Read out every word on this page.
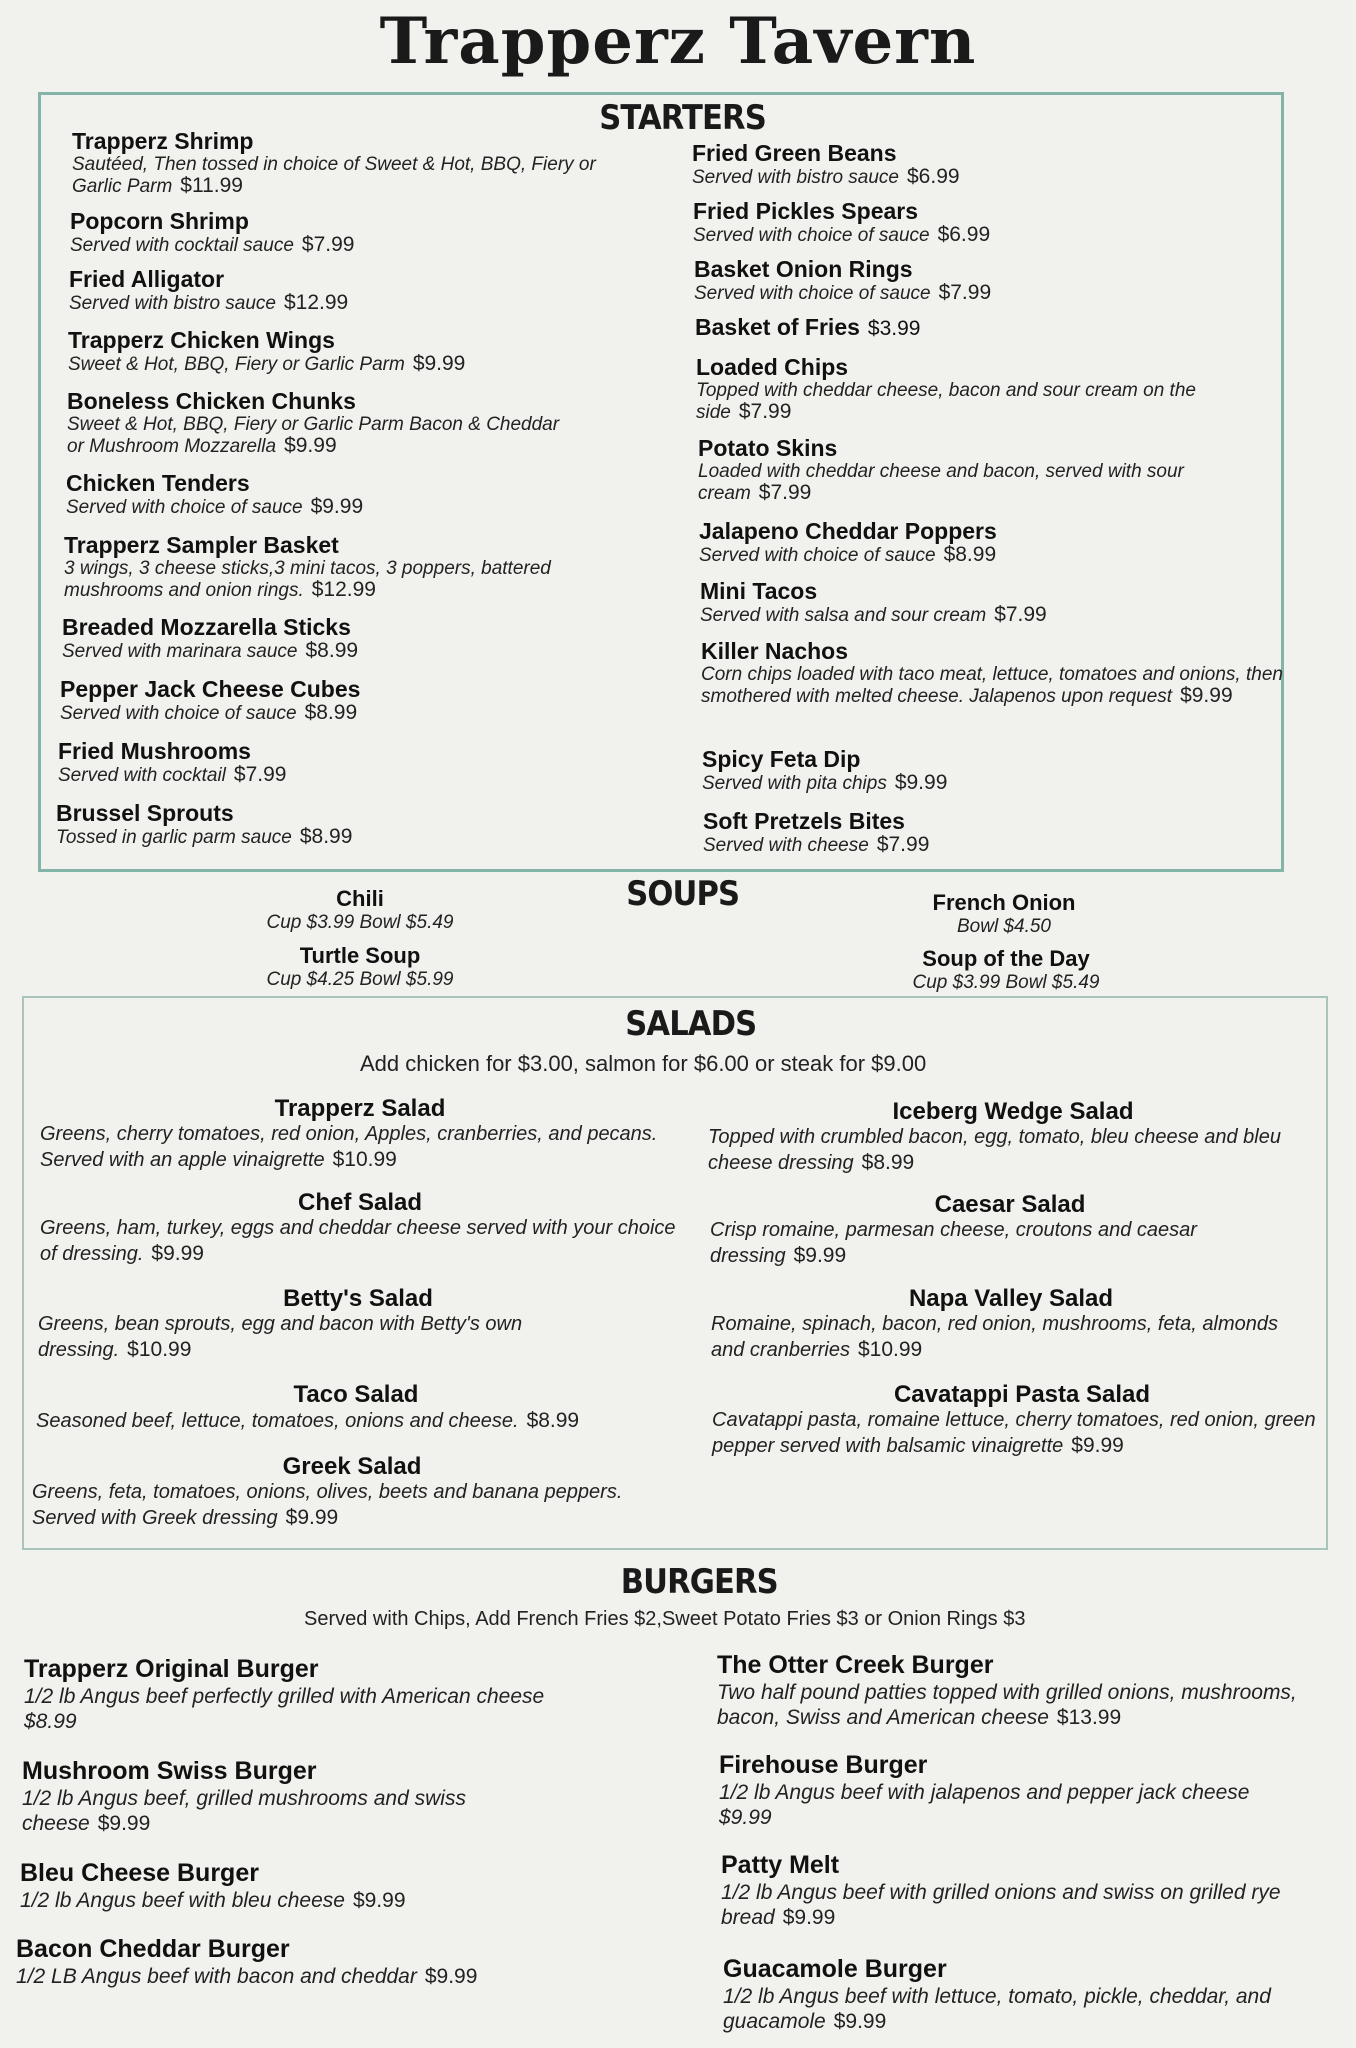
Trapperz Tavern
STARTERS
Trapperz Shrimp
Sautéed, Then tossed in choice of Sweet & Hot, BBQ, Fiery or Garlic Parm $11.99
Popcorn Shrimp
Served with cocktail sauce $7.99
Fried Alligator
Served with bistro sauce $12.99
Trapperz Chicken Wings
Sweet & Hot, BBQ, Fiery or Garlic Parm $9.99
Boneless Chicken Chunks
Sweet & Hot, BBQ, Fiery or Garlic Parm Bacon & Cheddar or Mushroom Mozzarella $9.99
Chicken Tenders
Served with choice of sauce $9.99
Trapperz Sampler Basket
3 wings, 3 cheese sticks,3 mini tacos, 3 poppers, battered mushrooms and onion rings. $12.99
Breaded Mozzarella Sticks
Served with marinara sauce $8.99
Pepper Jack Cheese Cubes
Served with choice of sauce $8.99
Fried Mushrooms
Served with cocktail $7.99
Brussel Sprouts
Tossed in garlic parm sauce $8.99
Fried Green Beans
Served with bistro sauce $6.99
Fried Pickles Spears
Served with choice of sauce $6.99
Basket Onion Rings
Served with choice of sauce $7.99
Basket of Fries $3.99
Loaded Chips
Topped with cheddar cheese, bacon and sour cream on the side $7.99
Potato Skins
Loaded with cheddar cheese and bacon, served with sour cream $7.99
Jalapeno Cheddar Poppers
Served with choice of sauce $8.99
Mini Tacos
Served with salsa and sour cream $7.99
Killer Nachos
Corn chips loaded with taco meat, lettuce, tomatoes and onions, then smothered with melted cheese. Jalapenos upon request $9.99
Spicy Feta Dip
Served with pita chips $9.99
Soft Pretzels Bites
Served with cheese $7.99
SOUPS
Chili
Cup $3.99 Bowl $5.49
Turtle Soup
Cup $4.25 Bowl $5.99
French Onion
Bowl $4.50
Soup of the Day
Cup $3.99 Bowl $5.49
SALADS
Add chicken for $3.00, salmon for $6.00 or steak for $9.00
Trapperz Salad
Greens, cherry tomatoes, red onion, Apples, cranberries, and pecans. Served with an apple vinaigrette $10.99
Chef Salad
Greens, ham, turkey, eggs and cheddar cheese served with your choice of dressing. $9.99
Betty's Salad
Greens, bean sprouts, egg and bacon with Betty's own dressing. $10.99
Taco Salad
Seasoned beef, lettuce, tomatoes, onions and cheese. $8.99
Greek Salad
Greens, feta, tomatoes, onions, olives, beets and banana peppers. Served with Greek dressing $9.99
Iceberg Wedge Salad
Topped with crumbled bacon, egg, tomato, bleu cheese and bleu cheese dressing $8.99
Caesar Salad
Crisp romaine, parmesan cheese, croutons and caesar dressing $9.99
Napa Valley Salad
Romaine, spinach, bacon, red onion, mushrooms, feta, almonds and cranberries $10.99
Cavatappi Pasta Salad
Cavatappi pasta, romaine lettuce, cherry tomatoes, red onion, green pepper served with balsamic vinaigrette $9.99
BURGERS
Served with Chips, Add French Fries $2,Sweet Potato Fries $3 or Onion Rings $3
Trapperz Original Burger
1/2 lb Angus beef perfectly grilled with American cheese
$8.99
Mushroom Swiss Burger
1/2 lb Angus beef, grilled mushrooms and swiss cheese $9.99
Bleu Cheese Burger
1/2 lb Angus beef with bleu cheese $9.99
Bacon Cheddar Burger
1/2 LB Angus beef with bacon and cheddar $9.99
The Otter Creek Burger
Two half pound patties topped with grilled onions, mushrooms, bacon, Swiss and American cheese $13.99
Firehouse Burger
1/2 lb Angus beef with jalapenos and pepper jack cheese
$9.99
Patty Melt
1/2 lb Angus beef with grilled onions and swiss on grilled rye bread $9.99
Guacamole Burger
1/2 lb Angus beef with lettuce, tomato, pickle, cheddar, and guacamole $9.99
